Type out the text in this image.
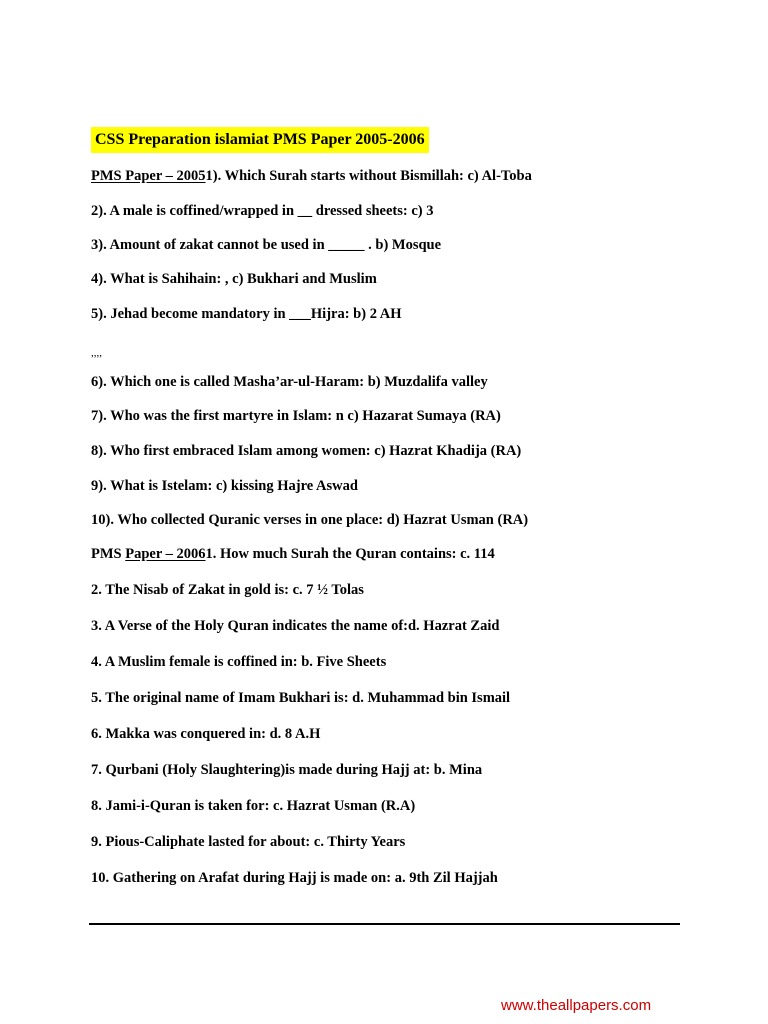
CSS Preparation islamiat PMS Paper 2005-2006
PMS Paper – 20051). Which Surah starts without Bismillah: c) Al-Toba
2). A male is coffined/wrapped in __ dressed sheets: c) 3
3). Amount of zakat cannot be used in _____ . b) Mosque
4). What is Sahihain: , c) Bukhari and Muslim
5). Jehad become mandatory in ___Hijra: b) 2 AH
,,,,
6). Which one is called Masha’ar-ul-Haram: b) Muzdalifa valley
7). Who was the first martyre in Islam: n c) Hazarat Sumaya (RA)
8). Who first embraced Islam among women: c) Hazrat Khadija (RA)
9). What is Istelam: c) kissing Hajre Aswad
10). Who collected Quranic verses in one place: d) Hazrat Usman (RA)
PMS Paper – 20061. How much Surah the Quran contains: c. 114
2. The Nisab of Zakat in gold is: c. 7 ½ Tolas
3. A Verse of the Holy Quran indicates the name of:d. Hazrat Zaid
4. A Muslim female is coffined in: b. Five Sheets
5. The original name of Imam Bukhari is: d. Muhammad bin Ismail
6. Makka was conquered in: d. 8 A.H
7. Qurbani (Holy Slaughtering)is made during Hajj at: b. Mina
8. Jami-i-Quran is taken for: c. Hazrat Usman (R.A)
9. Pious-Caliphate lasted for about: c. Thirty Years
10. Gathering on Arafat during Hajj is made on: a. 9th Zil Hajjah
www.theallpapers.com
